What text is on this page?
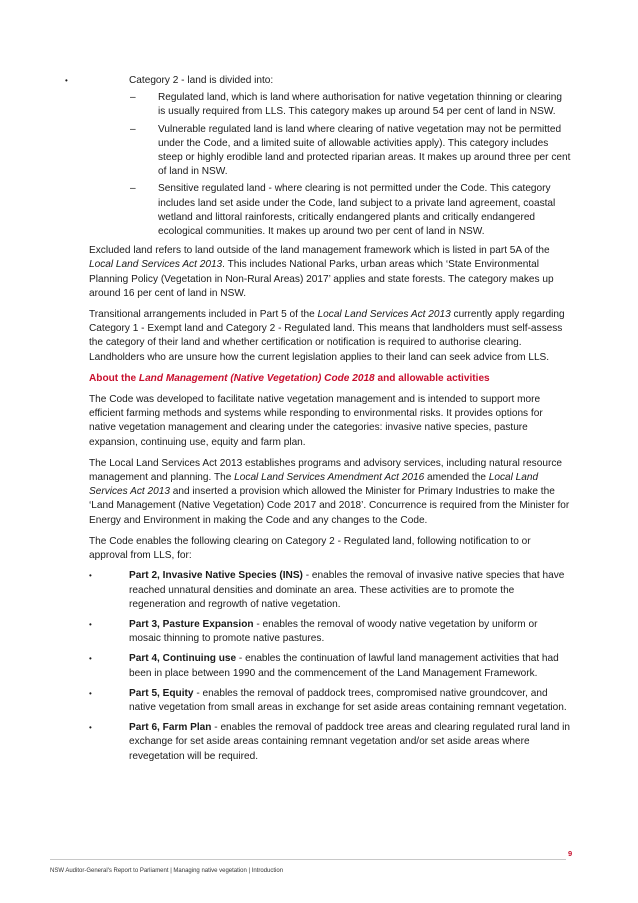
•	Category 2 - land is divided into:
– Regulated land, which is land where authorisation for native vegetation thinning or clearing is usually required from LLS. This category makes up around 54 per cent of land in NSW.
– Vulnerable regulated land is land where clearing of native vegetation may not be permitted under the Code, and a limited suite of allowable activities apply). This category includes steep or highly erodible land and protected riparian areas. It makes up around three per cent of land in NSW.
– Sensitive regulated land - where clearing is not permitted under the Code. This category includes land set aside under the Code, land subject to a private land agreement, coastal wetland and littoral rainforests, critically endangered plants and critically endangered ecological communities. It makes up around two per cent of land in NSW.
Excluded land refers to land outside of the land management framework which is listed in part 5A of the Local Land Services Act 2013. This includes National Parks, urban areas which ‘State Environmental Planning Policy (Vegetation in Non-Rural Areas) 2017’ applies and state forests. The category makes up around 16 per cent of land in NSW.
Transitional arrangements included in Part 5 of the Local Land Services Act 2013 currently apply regarding Category 1 - Exempt land and Category 2 - Regulated land. This means that landholders must self-assess the category of their land and whether certification or notification is required to authorise clearing. Landholders who are unsure how the current legislation applies to their land can seek advice from LLS.
About the Land Management (Native Vegetation) Code 2018 and allowable activities
The Code was developed to facilitate native vegetation management and is intended to support more efficient farming methods and systems while responding to environmental risks. It provides options for native vegetation management and clearing under the categories: invasive native species, pasture expansion, continuing use, equity and farm plan.
The Local Land Services Act 2013 establishes programs and advisory services, including natural resource management and planning. The Local Land Services Amendment Act 2016 amended the Local Land Services Act 2013 and inserted a provision which allowed the Minister for Primary Industries to make the ‘Land Management (Native Vegetation) Code 2017 and 2018’. Concurrence is required from the Minister for Energy and Environment in making the Code and any changes to the Code.
The Code enables the following clearing on Category 2 - Regulated land, following notification to or approval from LLS, for:
•	Part 2, Invasive Native Species (INS) - enables the removal of invasive native species that have reached unnatural densities and dominate an area. These activities are to promote the regeneration and regrowth of native vegetation.
•	Part 3, Pasture Expansion - enables the removal of woody native vegetation by uniform or mosaic thinning to promote native pastures.
•	Part 4, Continuing use - enables the continuation of lawful land management activities that had been in place between 1990 and the commencement of the Land Management Framework.
•	Part 5, Equity - enables the removal of paddock trees, compromised native groundcover, and native vegetation from small areas in exchange for set aside areas containing remnant vegetation.
•	Part 6, Farm Plan - enables the removal of paddock tree areas and clearing regulated rural land in exchange for set aside areas containing remnant vegetation and/or set aside areas where revegetation will be required.
9
NSW Auditor-General's Report to Parliament | Managing native vegetation | Introduction
